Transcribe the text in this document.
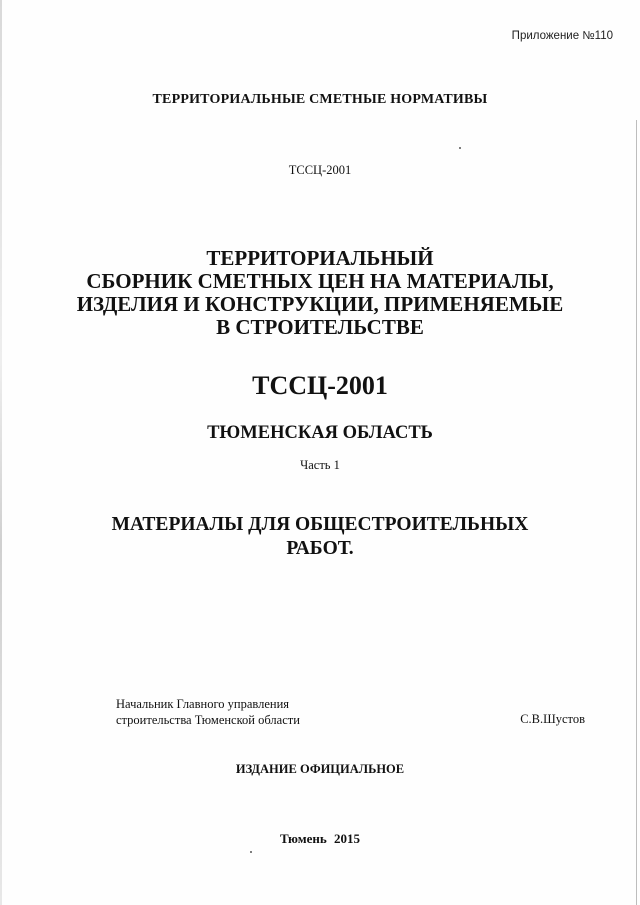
Приложение №110
ТЕРРИТОРИАЛЬНЫЕ СМЕТНЫЕ НОРМАТИВЫ
ТССЦ-2001
ТЕРРИТОРИАЛЬНЫЙ
СБОРНИК СМЕТНЫХ ЦЕН НА МАТЕРИАЛЫ,
ИЗДЕЛИЯ И КОНСТРУКЦИИ, ПРИМЕНЯЕМЫЕ
В СТРОИТЕЛЬСТВЕ
ТССЦ-2001
ТЮМЕНСКАЯ ОБЛАСТЬ
Часть 1
МАТЕРИАЛЫ ДЛЯ ОБЩЕСТРОИТЕЛЬНЫХ
РАБОТ.
Начальник Главного управления
строительства Тюменской области	С.В.Шустов
ИЗДАНИЕ ОФИЦИАЛЬНОЕ
Тюмень 2015
